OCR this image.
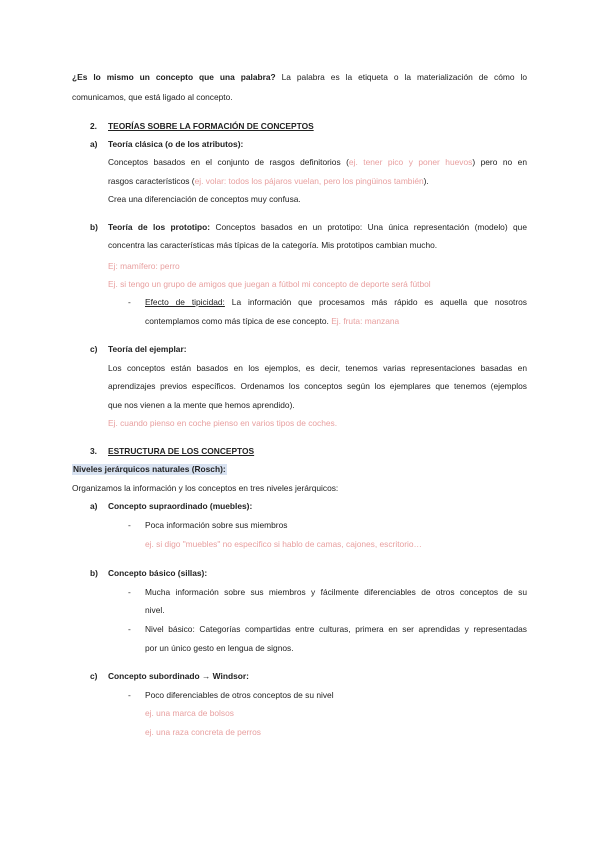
¿Es lo mismo un concepto que una palabra? La palabra es la etiqueta o la materialización de cómo lo
comunicamos, que está ligado al concepto.
2. TEORÍAS SOBRE LA FORMACIÓN DE CONCEPTOS
a) Teoría clásica (o de los atributos):
Conceptos basados en el conjunto de rasgos definitorios (ej. tener pico y poner huevos) pero no en
rasgos característicos (ej. volar: todos los pájaros vuelan, pero los pingüinos también).
Crea una diferenciación de conceptos muy confusa.
b) Teoría de los prototipo: Conceptos basados en un prototipo: Una única representación (modelo) que
concentra las características más típicas de la categoría. Mis prototipos cambian mucho.
Ej: mamífero: perro
Ej. si tengo un grupo de amigos que juegan a fútbol mi concepto de deporte será fútbol
- Efecto de tipicidad: La información que procesamos más rápido es aquella que nosotros
contemplamos como más típica de ese concepto. Ej. fruta: manzana
c) Teoría del ejemplar:
Los conceptos están basados en los ejemplos, es decir, tenemos varias representaciones basadas en
aprendizajes previos específicos. Ordenamos los conceptos según los ejemplares que tenemos (ejemplos
que nos vienen a la mente que hemos aprendido).
Ej. cuando pienso en coche pienso en varios tipos de coches.
3. ESTRUCTURA DE LOS CONCEPTOS
Niveles jerárquicos naturales (Rosch):
Organizamos la información y los conceptos en tres niveles jerárquicos:
a) Concepto supraordinado (muebles):
- Poca información sobre sus miembros
ej. si digo "muebles" no especifico si hablo de camas, cajones, escritorio…
b) Concepto básico (sillas):
- Mucha información sobre sus miembros y fácilmente diferenciables de otros conceptos de su
nivel.
- Nivel básico: Categorías compartidas entre culturas, primera en ser aprendidas y representadas
por un único gesto en lengua de signos.
c) Concepto subordinado → Windsor:
- Poco diferenciables de otros conceptos de su nivel
ej. una marca de bolsos
ej. una raza concreta de perros
